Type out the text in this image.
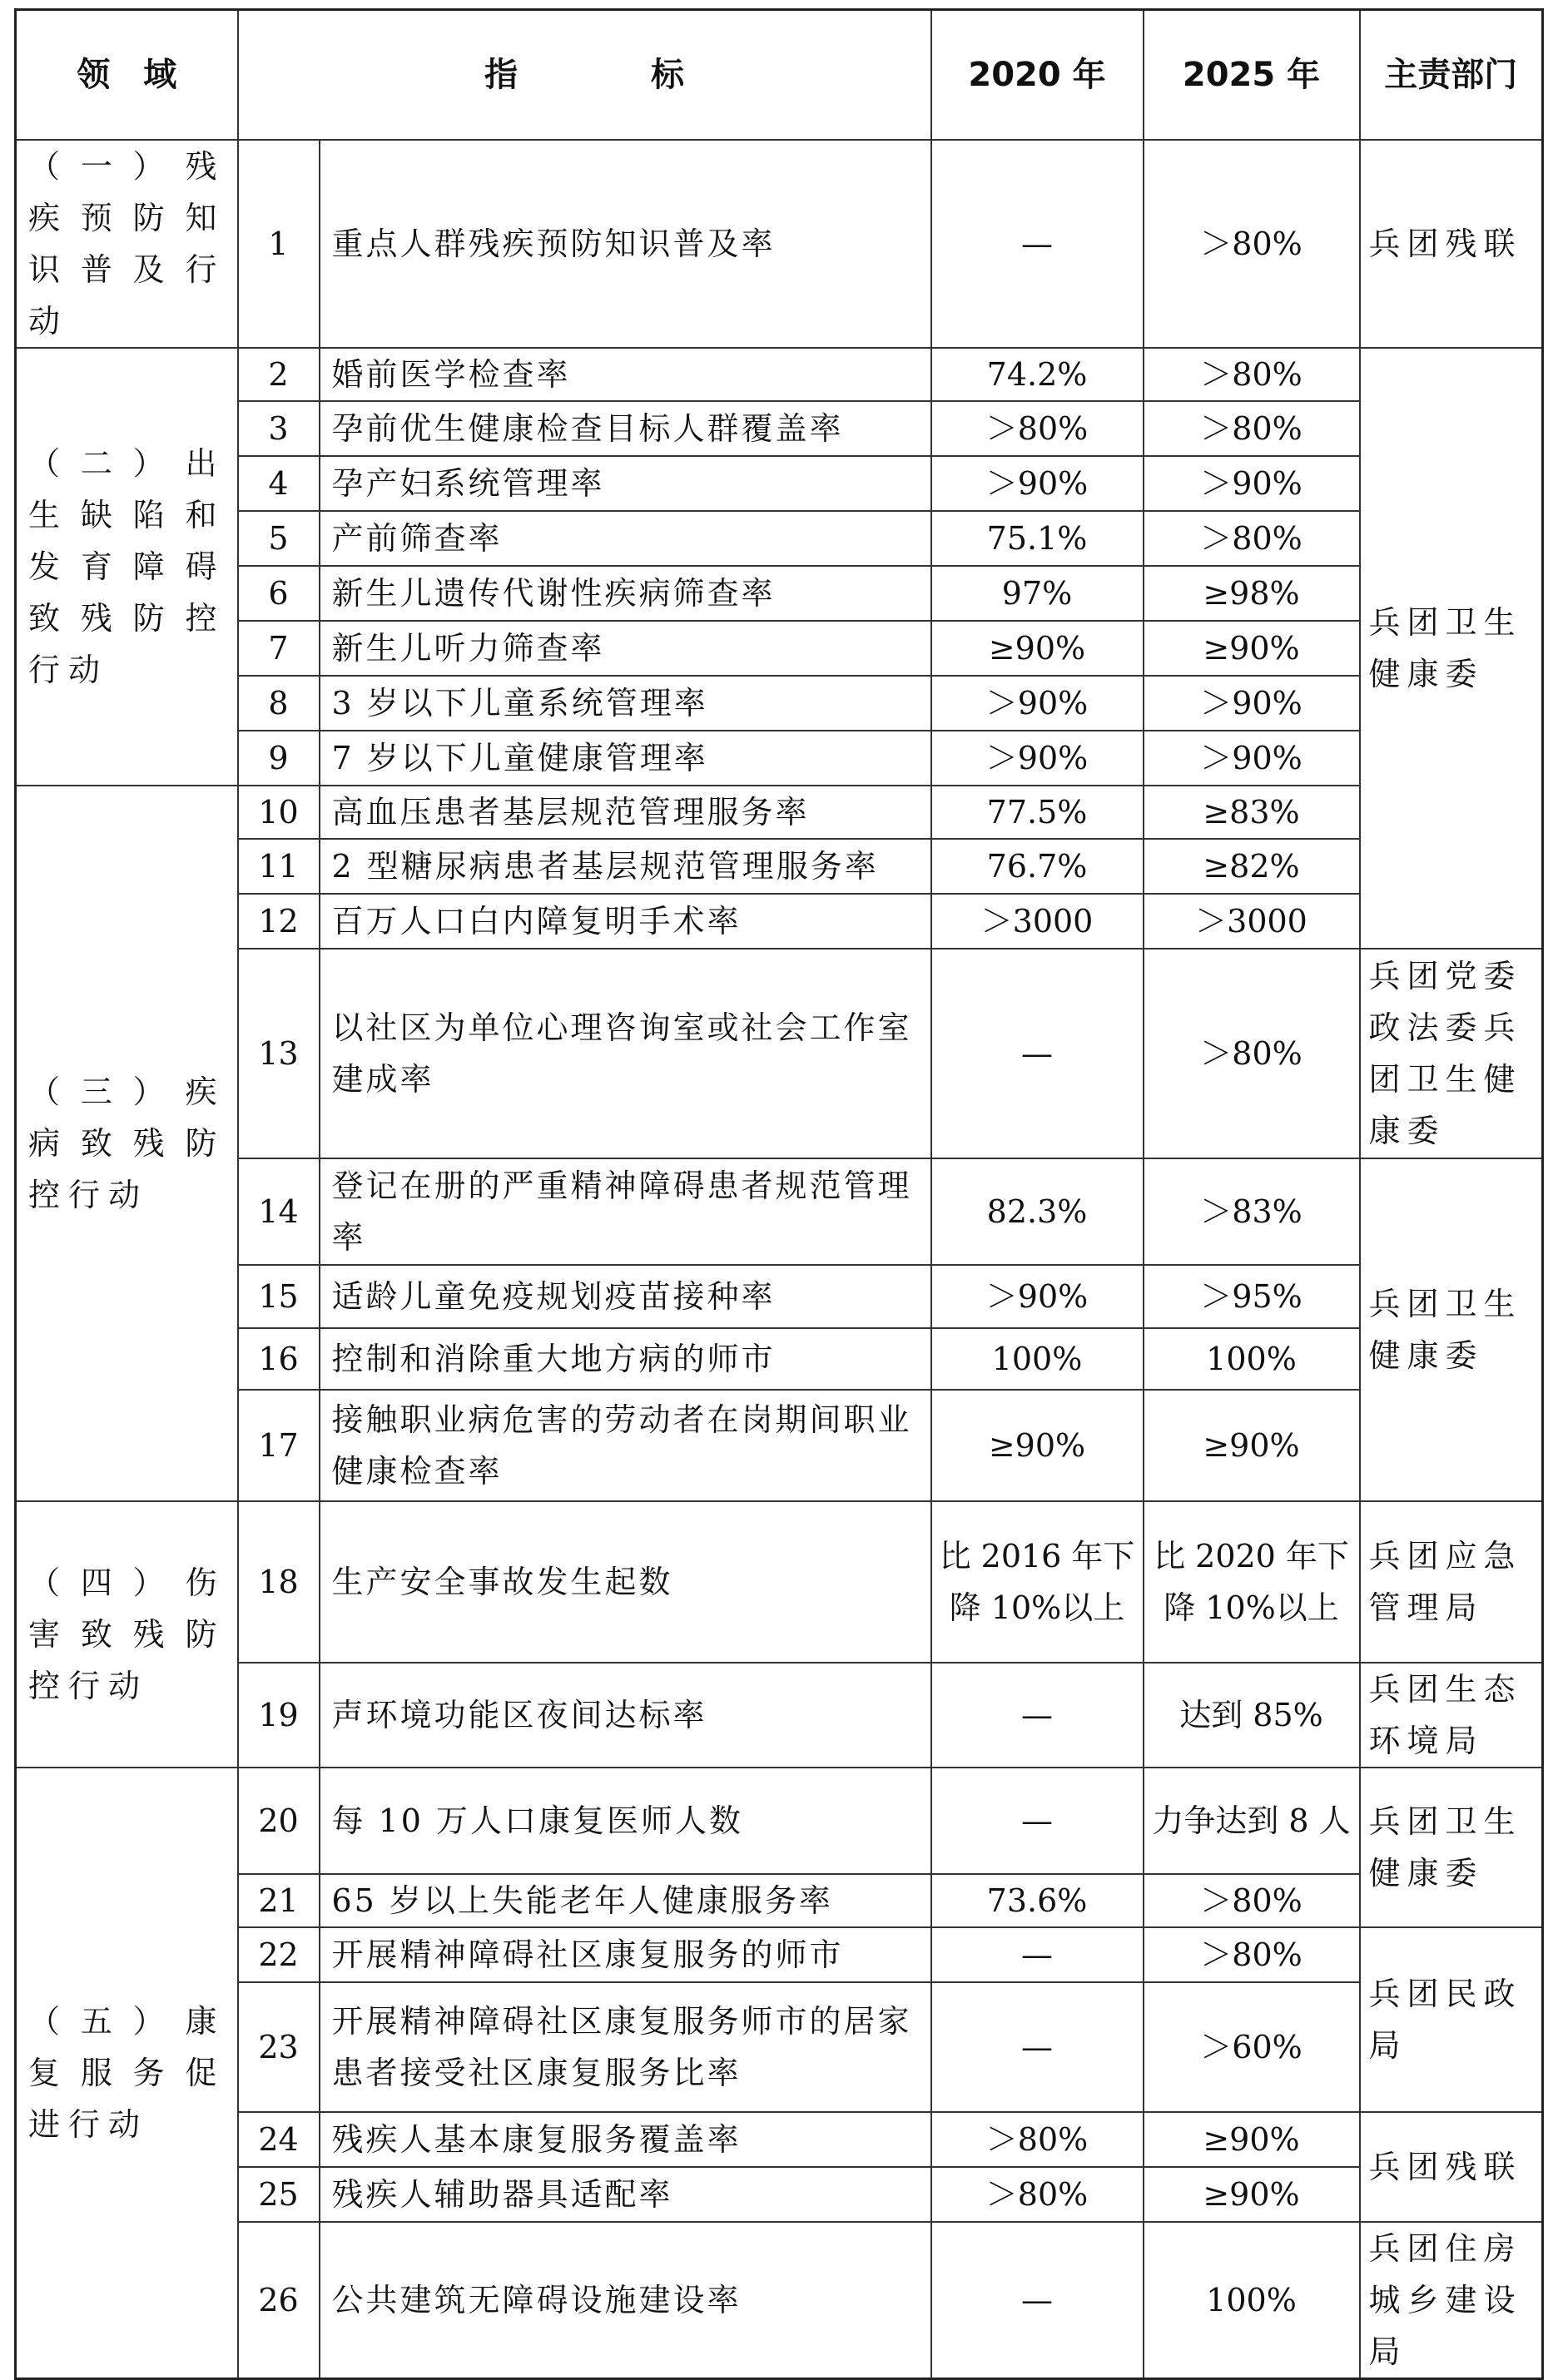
领　域	指　　　　标		2020 年	2025 年	主责部门
（一）残疾预防知识普及行动	1	重点人群残疾预防知识普及率	—	＞80%	兵团残联
（二）出生缺陷和发育障碍致残防控行动	2	婚前医学检查率	74.2%	＞80%	兵团卫生健康委
	3	孕前优生健康检查目标人群覆盖率	＞80%	＞80%	
	4	孕产妇系统管理率	＞90%	＞90%	
	5	产前筛查率	75.1%	＞80%	
	6	新生儿遗传代谢性疾病筛查率	97%	≥98%	
	7	新生儿听力筛查率	≥90%	≥90%	
	8	3 岁以下儿童系统管理率	＞90%	＞90%	
	9	7 岁以下儿童健康管理率	＞90%	＞90%	
（三）疾病致残防控行动	10	高血压患者基层规范管理服务率	77.5%	≥83%	
	11	2 型糖尿病患者基层规范管理服务率	76.7%	≥82%	
	12	百万人口白内障复明手术率	＞3000	＞3000	
	13	以社区为单位心理咨询室或社会工作室建成率	—	＞80%	兵团党委政法委兵团卫生健康委
	14	登记在册的严重精神障碍患者规范管理率	82.3%	＞83%	兵团卫生健康委
	15	适龄儿童免疫规划疫苗接种率	＞90%	＞95%	
	16	控制和消除重大地方病的师市	100%	100%	
	17	接触职业病危害的劳动者在岗期间职业健康检查率	≥90%	≥90%	
（四）伤害致残防控行动	18	生产安全事故发生起数	比 2016 年下降 10%以上	比 2020 年下降 10%以上	兵团应急管理局
	19	声环境功能区夜间达标率	—	达到 85%	兵团生态环境局
（五）康复服务促进行动	20	每 10 万人口康复医师人数	—	力争达到 8 人	兵团卫生健康委
	21	65 岁以上失能老年人健康服务率	73.6%	＞80%	
	22	开展精神障碍社区康复服务的师市	—	＞80%	兵团民政局
	23	开展精神障碍社区康复服务师市的居家患者接受社区康复服务比率	—	＞60%	
	24	残疾人基本康复服务覆盖率	＞80%	≥90%	兵团残联
	25	残疾人辅助器具适配率	＞80%	≥90%	
	26	公共建筑无障碍设施建设率	—	100%	兵团住房城乡建设局
